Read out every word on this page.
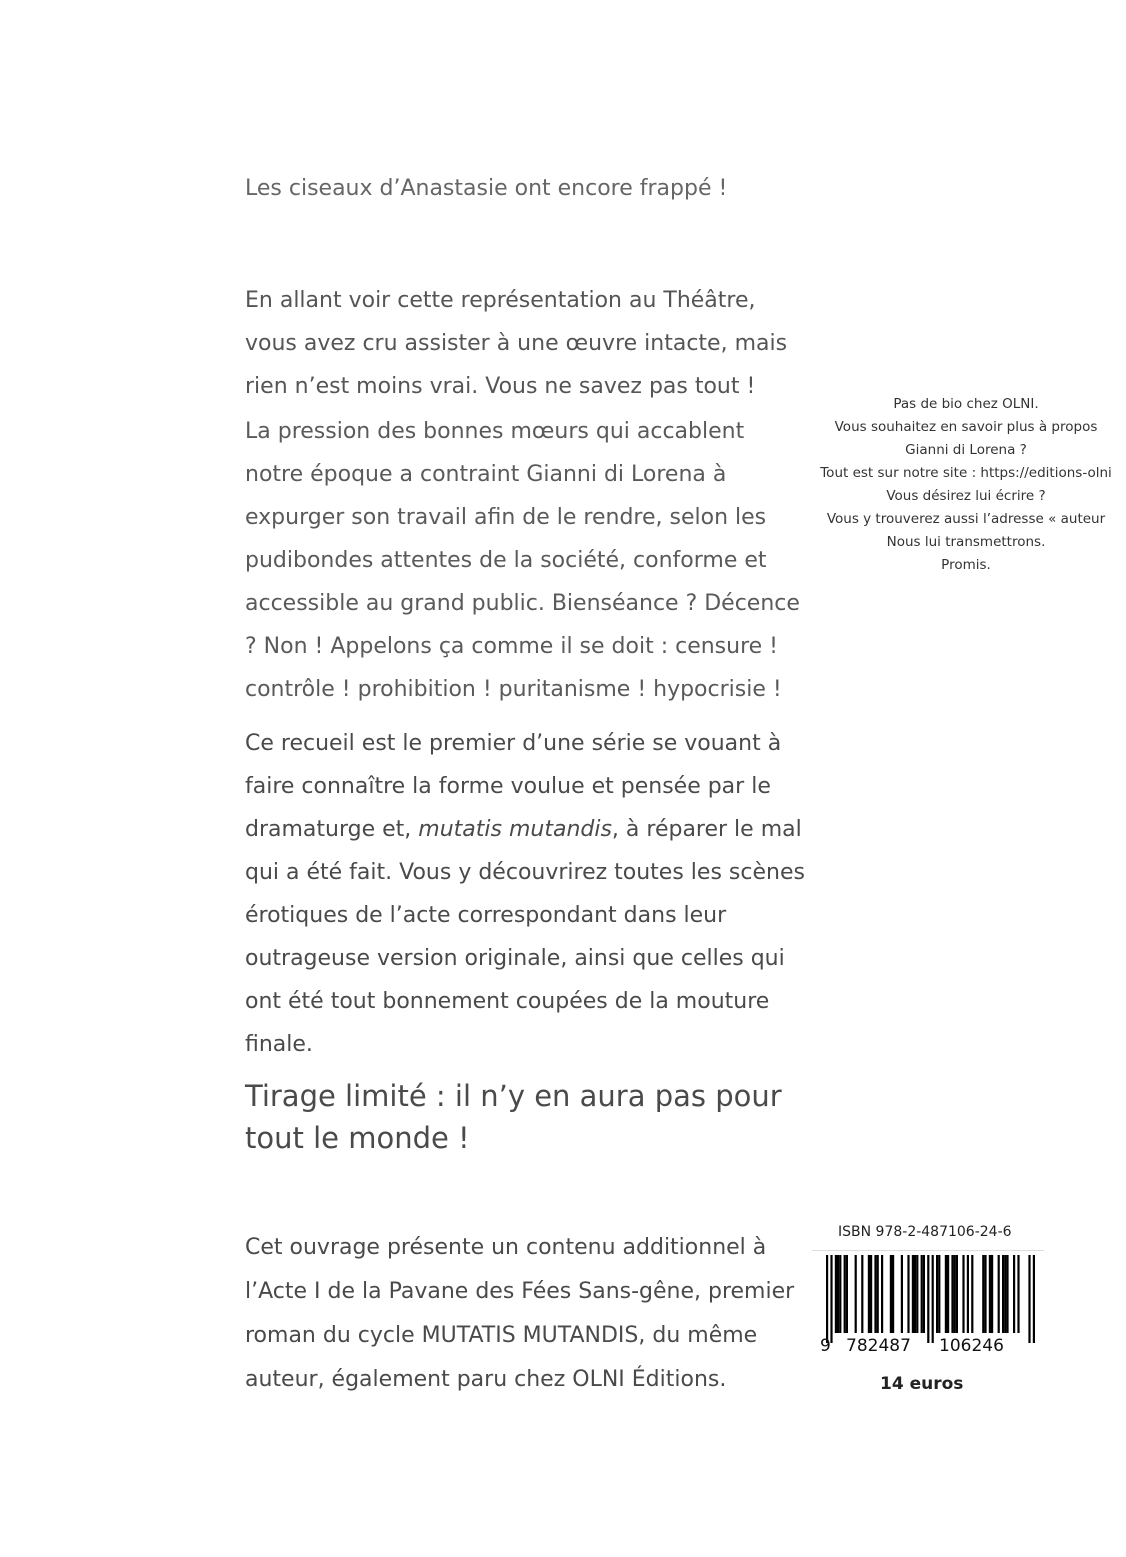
Les ciseaux d’Anastasie ont encore frappé !

En allant voir cette représentation au Théâtre, vous avez cru assister à une œuvre intacte, mais rien n’est moins vrai. Vous ne savez pas tout !

La pression des bonnes mœurs qui accablent notre époque a contraint Gianni di Lorena à expurger son travail afin de le rendre, selon les pudibondes attentes de la société, conforme et accessible au grand public. Bienséance ? Décence ? Non ! Appelons ça comme il se doit : censure ! contrôle ! prohibition ! puritanisme ! hypocrisie !

Ce recueil est le premier d’une série se vouant à faire connaître la forme voulue et pensée par le dramaturge et, mutatis mutandis, à réparer le mal qui a été fait. Vous y découvrirez toutes les scènes érotiques de l’acte correspondant dans leur outrageuse version originale, ainsi que celles qui ont été tout bonnement coupées de la mouture finale.

Tirage limité : il n’y en aura pas pour tout le monde !

Cet ouvrage présente un contenu additionnel à l’Acte I de la Pavane des Fées Sans-gêne, premier roman du cycle MUTATIS MUTANDIS, du même auteur, également paru chez OLNI Éditions.

Pas de bio chez OLNI.
Vous souhaitez en savoir plus à propos
Gianni di Lorena ?
Tout est sur notre site : https://editions-olni
Vous désirez lui écrire ?
Vous y trouverez aussi l’adresse « auteur
Nous lui transmettrons.
Promis.
ISBN 978-2-487106-24-6
9 782487 106246
14 euros
